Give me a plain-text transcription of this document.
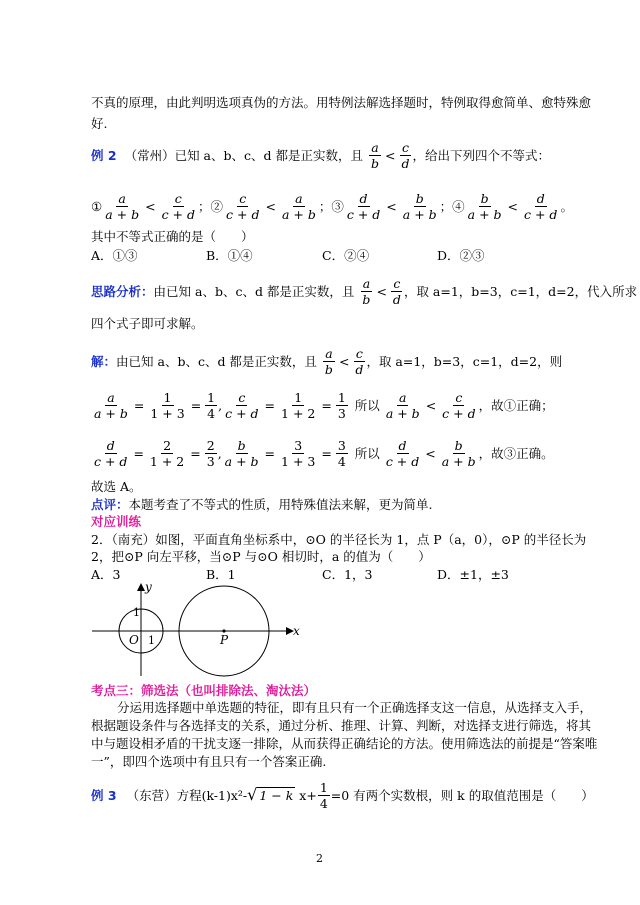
不真的原理，由此判明选项真伪的方法。用特例法解选择题时，特例取得愈简单、愈特殊愈
好.
例 2 （常州）已知 a、b、c、d 都是正实数，且 $\frac{a}{b} < \frac{c}{d}$ ，给出下列四个不等式：
① $\frac{a}{a + b} < \frac{c}{c + d}$ ；② $\frac{c}{c + d} < \frac{a}{a + b}$ ；③ $\frac{d}{c + d} < \frac{b}{a + b}$ ；④ $\frac{b}{a + b} < \frac{d}{c + d}$ 。
其中不等式正确的是（　　）
A．①③	B．①④	C．②④	D．②③
思路分析： 由已知 a、b、c、d 都是正实数，且 $\frac{a}{b} < \frac{c}{d}$ ，取 a=1，b=3，c=1，d=2，代入所求
四个式子即可求解。
解： 由已知 a、b、c、d 都是正实数，且 $\frac{a}{b} < \frac{c}{d}$ ，取 a=1，b=3，c=1，d=2，则
$\frac{a}{a + b} = \frac{1}{1 + 3} = \frac{1}{4}$ , $\frac{c}{c + d} = \frac{1}{1 + 2} = \frac{1}{3}$ 所以 $\frac{a}{a + b} < \frac{c}{c + d}$ ，故①正确；
$\frac{d}{c + d} = \frac{2}{1 + 2} = \frac{2}{3}$ , $\frac{b}{a + b} = \frac{3}{1 + 3} = \frac{3}{4}$ 所以 $\frac{d}{c + d} < \frac{b}{a + b}$ ，故③正确。
故选 A。
点评：本题考查了不等式的性质，用特殊值法来解，更为简单.
对应训练
2．（南充）如图，平面直角坐标系中，⊙O 的半径长为 1，点 P（a，0），⊙P 的半径长为
2，把⊙P 向左平移，当⊙P 与⊙O 相切时，a 的值为（　　）
A．3	B．1	C．1，3	D．±1，±3
y
x
O	P
1
1
考点三：筛选法（也叫排除法、淘汰法）
分运用选择题中单选题的特征，即有且只有一个正确选择支这一信息，从选择支入手，
根据题设条件与各选择支的关系，通过分析、推理、计算、判断，对选择支进行筛选，将其
中与题设相矛盾的干扰支逐一排除，从而获得正确结论的方法。使用筛选法的前提是“答案唯
一”，即四个选项中有且只有一个答案正确.
例 3 （东营）方程(k-1)x²- √ 1 − k $x+ \frac{1}{4} =0$ 有两个实数根，则 k 的取值范围是（　　）
2
